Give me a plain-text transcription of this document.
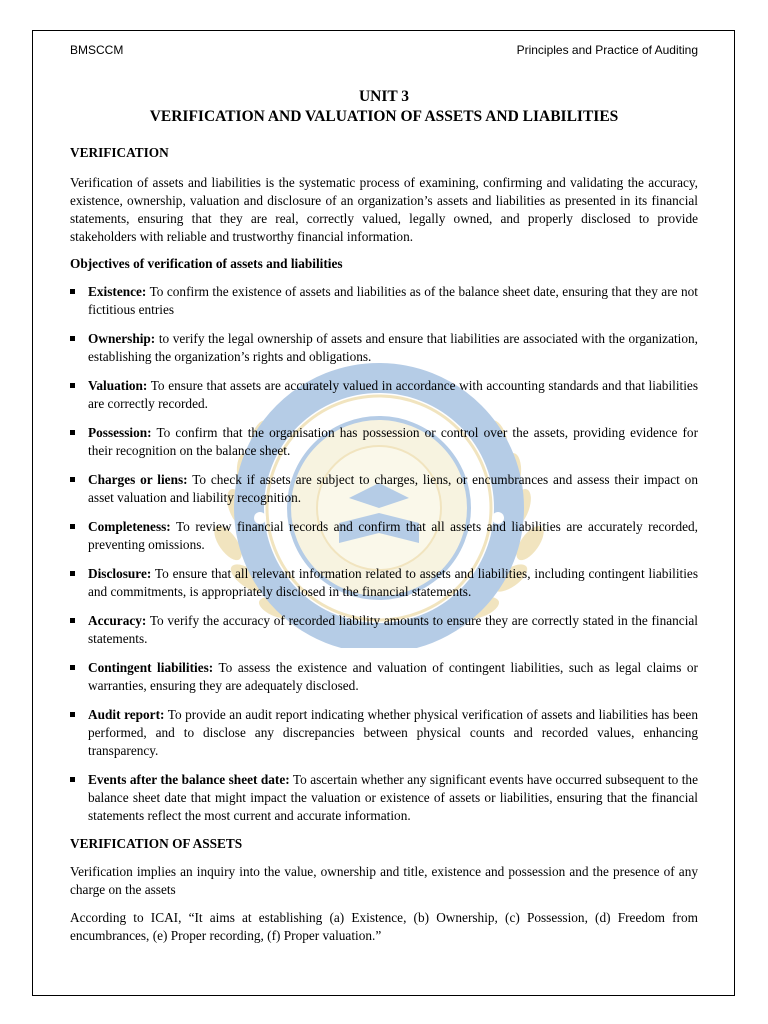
BMSCCM	Principles and Practice of Auditing

UNIT 3

VERIFICATION AND VALUATION OF ASSETS AND LIABILITIES

VERIFICATION

Verification of assets and liabilities is the systematic process of examining, confirming and validating the accuracy, existence, ownership, valuation and disclosure of an organization’s assets and liabilities as presented in its financial statements, ensuring that they are real, correctly valued, legally owned, and properly disclosed to provide stakeholders with reliable and trustworthy financial information.

Objectives of verification of assets and liabilities

Existence: To confirm the existence of assets and liabilities as of the balance sheet date, ensuring that they are not fictitious entries
Ownership: to verify the legal ownership of assets and ensure that liabilities are associated with the organization, establishing the organization’s rights and obligations.
Valuation: To ensure that assets are accurately valued in accordance with accounting standards and that liabilities are correctly recorded.
Possession: To confirm that the organisation has possession or control over the assets, providing evidence for their recognition on the balance sheet.
Charges or liens: To check if assets are subject to charges, liens, or encumbrances and assess their impact on asset valuation and liability recognition.
Completeness: To review financial records and confirm that all assets and liabilities are accurately recorded, preventing omissions.
Disclosure: To ensure that all relevant information related to assets and liabilities, including contingent liabilities and commitments, is appropriately disclosed in the financial statements.
Accuracy: To verify the accuracy of recorded liability amounts to ensure they are correctly stated in the financial statements.
Contingent liabilities: To assess the existence and valuation of contingent liabilities, such as legal claims or warranties, ensuring they are adequately disclosed.
Audit report: To provide an audit report indicating whether physical verification of assets and liabilities has been performed, and to disclose any discrepancies between physical counts and recorded values, enhancing transparency.
Events after the balance sheet date: To ascertain whether any significant events have occurred subsequent to the balance sheet date that might impact the valuation or existence of assets or liabilities, ensuring that the financial statements reflect the most current and accurate information.

VERIFICATION OF ASSETS

Verification implies an inquiry into the value, ownership and title, existence and possession and the presence of any charge on the assets

According to ICAI, “It aims at establishing (a) Existence, (b) Ownership, (c) Possession, (d) Freedom from encumbrances, (e) Proper recording, (f) Proper valuation.”
